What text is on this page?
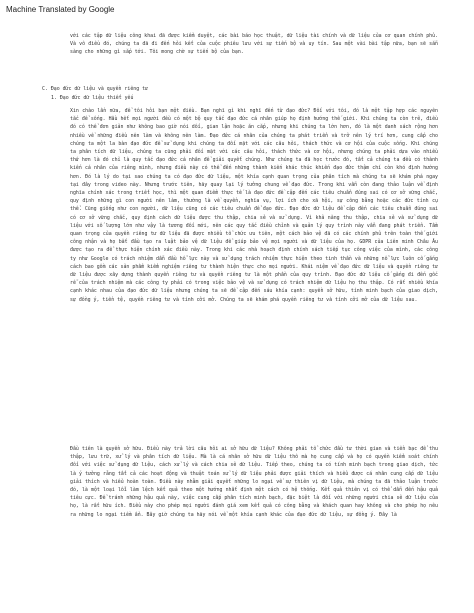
Machine Translated by Google

với các tập dữ liệu công khai đã được kiểm duyệt, các bài báo học thuật, dữ liệu tài chính và dữ liệu của cơ quan chính phủ. Và vô điều đó, chúng ta đã đi đến hỏi kết của cuộc phiêu lưu với sự tiến bộ và uy tín. Sau một vài bài tập nữa, bạn sẽ sẵn sàng cho những gì sắp tới. Tôi mong chờ sự tiến bộ của bạn.

C. Đạo đức dữ liệu và quyền riêng tư

1. Đạo đức dữ liệu thiết yếu

Xin chào lần nữa, để tôi hỏi bạn một điều. Bạn nghĩ gì khi nghĩ đến từ đạo đức? Đối với tôi, đó là một tập hợp các nguyên tắc để sống. Hầu hết mọi người đều có một bộ quy tắc đạo đức cá nhân giúp họ định hướng thế giới. Khi chúng ta còn trẻ, điều đó có thể đơn giản như không bao giờ nói dối, gian lận hoặc ăn cắp, nhưng khi chúng ta lớn hơn, đó là một danh sách rộng hơn nhiều về những điều nên làm và không nên làm. Đạo đức cá nhân của chúng ta phát triển và trở nên lý trí hơn, cung cấp cho chúng ta một la bàn đạo đức để sử dụng khi chúng ta đối mặt với các câu hỏi, thách thức và cơ hội của cuộc sống. Khi chúng ta phân tích dữ liệu, chúng ta cũng phải đối mặt với các câu hỏi, thách thức và cơ hội, nhưng chúng ta phải dựa vào nhiều thứ hơn là đó chỉ là quy tắc đạo đức cá nhân để giải quyết chúng. Như chúng ta đã học trước đó, tất cả chúng ta đều có thành kiến cá nhân của riêng mình, nhưng điều này có thể đến những thành kiến khác thúc khiến đạo đức thậm chí còn khó định hướng hơn. Đó là lý do tại sao chúng ta có đạo đức dữ liệu, một khía cạnh quan trọng của phân tích mà chúng ta sẽ khám phá ngay tại đây trong video này. Nhưng trước tiên, hãy quay lại lý tưởng chung về đạo đức. Trong khi vẫn còn đang thảo luận về định nghĩa chính xác trong triết học, thì một quan điểm thực tế là đạo đức đề cập đến các tiêu chuẩn đúng sai có cơ sở vững chắc, quy định những gì con người nên làm, thường là về quyền, nghĩa vụ, lợi ích cho xã hội, sự công bằng hoặc các đức tính cụ thể. Cũng giống như con người, dữ liệu cũng có các tiêu chuẩn để đạo đức. Đạo đức dữ liệu đề cập đến các tiêu chuẩn đúng sai có cơ sở vững chắc, quy định cách dữ liệu được thu thập, chia sẻ và sử dụng. Vì khả năng thu thập, chia sẻ và sử dụng dữ liệu với số lượng lớn như vậy là tương đối mới, nên các quy tắc điều chỉnh và quản lý quy trình này vẫn đang phát triển. Tầm quan trọng của quyền riêng tư dữ liệu đã được nhiều tổ chức ưu tiên, một cách bảo vệ đã có các chính phủ trên toàn thế giới công nhận và họ bắt đầu tạo ra luật bảo vệ dữ liệu để giúp bảo vệ mọi người và dữ liệu của họ. GDPR của Liên minh Châu Âu được tạo ra để thực hiện chính xác điều này. Trong khi các nhà hoạch định chính sách tiếp tục công việc của mình, các công ty như Google có trách nhiệm dẫn đầu hỗ lực này và sử dụng trách nhiệm thực hiện theo tinh thần và những nỗ lực luôn cố gắng cách bao gồm các sản phẩm kiểm nghiệm riêng tư thành hiện thực cho mọi người. Khái niệm về đạo đức dữ liệu và quyền riêng tư dữ liệu được xây dựng thành quyền riêng tư và quyền riêng tư là một phần của quy trình. Đạo đức dữ liệu cố gắng đi đến gốc rễ của trách nhiệm mà các công ty phải có trong việc bảo vệ và sử dụng có trách nhiệm dữ liệu họ thu thập. Có rất nhiều khía cạnh khác nhau của đạo đức dữ liệu nhưng chúng ta sẽ đề cập đến sáu khía cạnh: quyền sở hữu, tính minh bạch của giao dịch, sự đồng ý, tiền tệ, quyền riêng tư và tính cởi mở. Chúng ta sẽ khám phá quyền riêng tư và tính cởi mở của dữ liệu sau.

Đầu tiên là quyền sở hữu. Điều này trả lời câu hỏi ai sở hữu dữ liệu? Không phải tổ chức đầu tư thời gian và tiền bạc để thu thập, lưu trữ, xử lý và phân tích dữ liệu. Mà là cá nhân sở hữu dữ liệu thô mà họ cung cấp và họ có quyền kiểm soát chính đối với việc sử dụng dữ liệu, cách xử lý và cách chia sẻ dữ liệu. Tiếp theo, chúng ta có tính minh bạch trong giao dịch, tức là ý tưởng rằng tất cả các hoạt động và thuật toán xử lý dữ liệu phải được giải thích và hiểu được cá nhân cung cấp dữ liệu giải thích và hiểu hoàn toàn. Điều này nhằm giải quyết những lo ngại về sự thiên vị dữ liệu, mà chúng ta đã thảo luận trước đó, là một loại lỗi làm lệch kết quả theo một hướng nhất định một cách có hệ thống. Kết quả thiên vị có thể dẫn đến hậu quả tiêu cực. Để tránh những hậu quả này, việc cung cấp phân tích minh bạch, đặc biệt là đối với những người chia sẻ dữ liệu của họ, là rất hữu ích. Điều này cho phép mọi người đánh giá xem kết quả có công bằng và khách quan hay không và cho phép họ nêu ra những lo ngại tiềm ẩn. Bây giờ chúng ta hãy nói về một khía cạnh khác của đạo đức dữ liệu, sự đồng ý. Đây là
